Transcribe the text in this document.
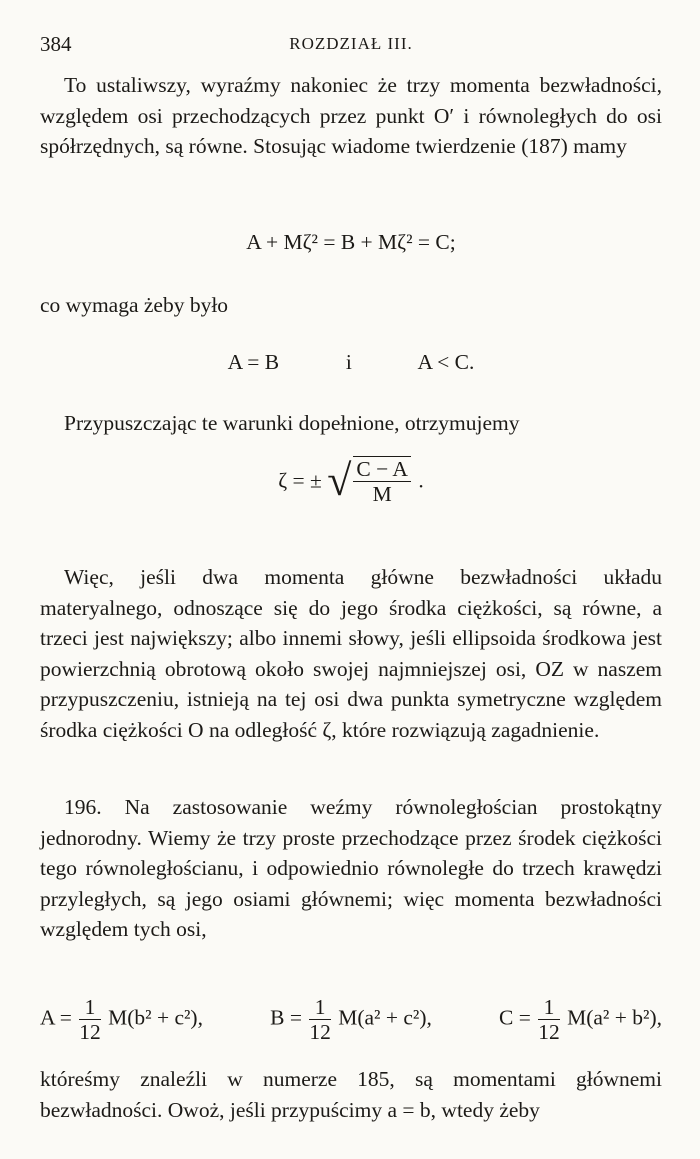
384	ROZDZIAŁ III.

To ustaliwszy, wyraźmy nakoniec że trzy momenta bezwładności, względem osi przechodzących przez punkt O′ i równoległych do osi spółrzędnych, są równe. Stosując wiadome twierdzenie (187) mamy

A + Mζ² = B + Mζ² = C;

co wymaga żeby było

A = B	i	A < C.

Przypuszczając te warunki dopełnione, otrzymujemy

ζ = ± √ $\frac{C - A}{M}$ .

Więc, jeśli dwa momenta główne bezwładności układu materyalnego, odnoszące się do jego środka ciężkości, są równe, a trzeci jest największy; albo innemi słowy, jeśli ellipsoida środkowa jest powierzchnią obrotową około swojej najmniejszej osi, OZ w naszem przypuszczeniu, istnieją na tej osi dwa punkta symetryczne względem środka ciężkości O na odległość ζ, które rozwiązują zagadnienie.

196. Na zastosowanie weźmy równoległościan prostokątny jednorodny. Wiemy że trzy proste przechodzące przez środek ciężkości tego równoległościanu, i odpowiednio równoległe do trzech krawędzi przyległych, są jego osiami głównemi; więc momenta bezwładności względem tych osi,

$A = \frac{1}{12} M(b^2 + c^2)$,	$B = \frac{1}{12} M(a^2 + c^2)$,	$C = \frac{1}{12} M(a^2 + b^2)$,

któreśmy znaleźli w numerze 185, są momentami głównemi bezwładności. Owoż, jeśli przypuścimy a = b, wtedy żeby
